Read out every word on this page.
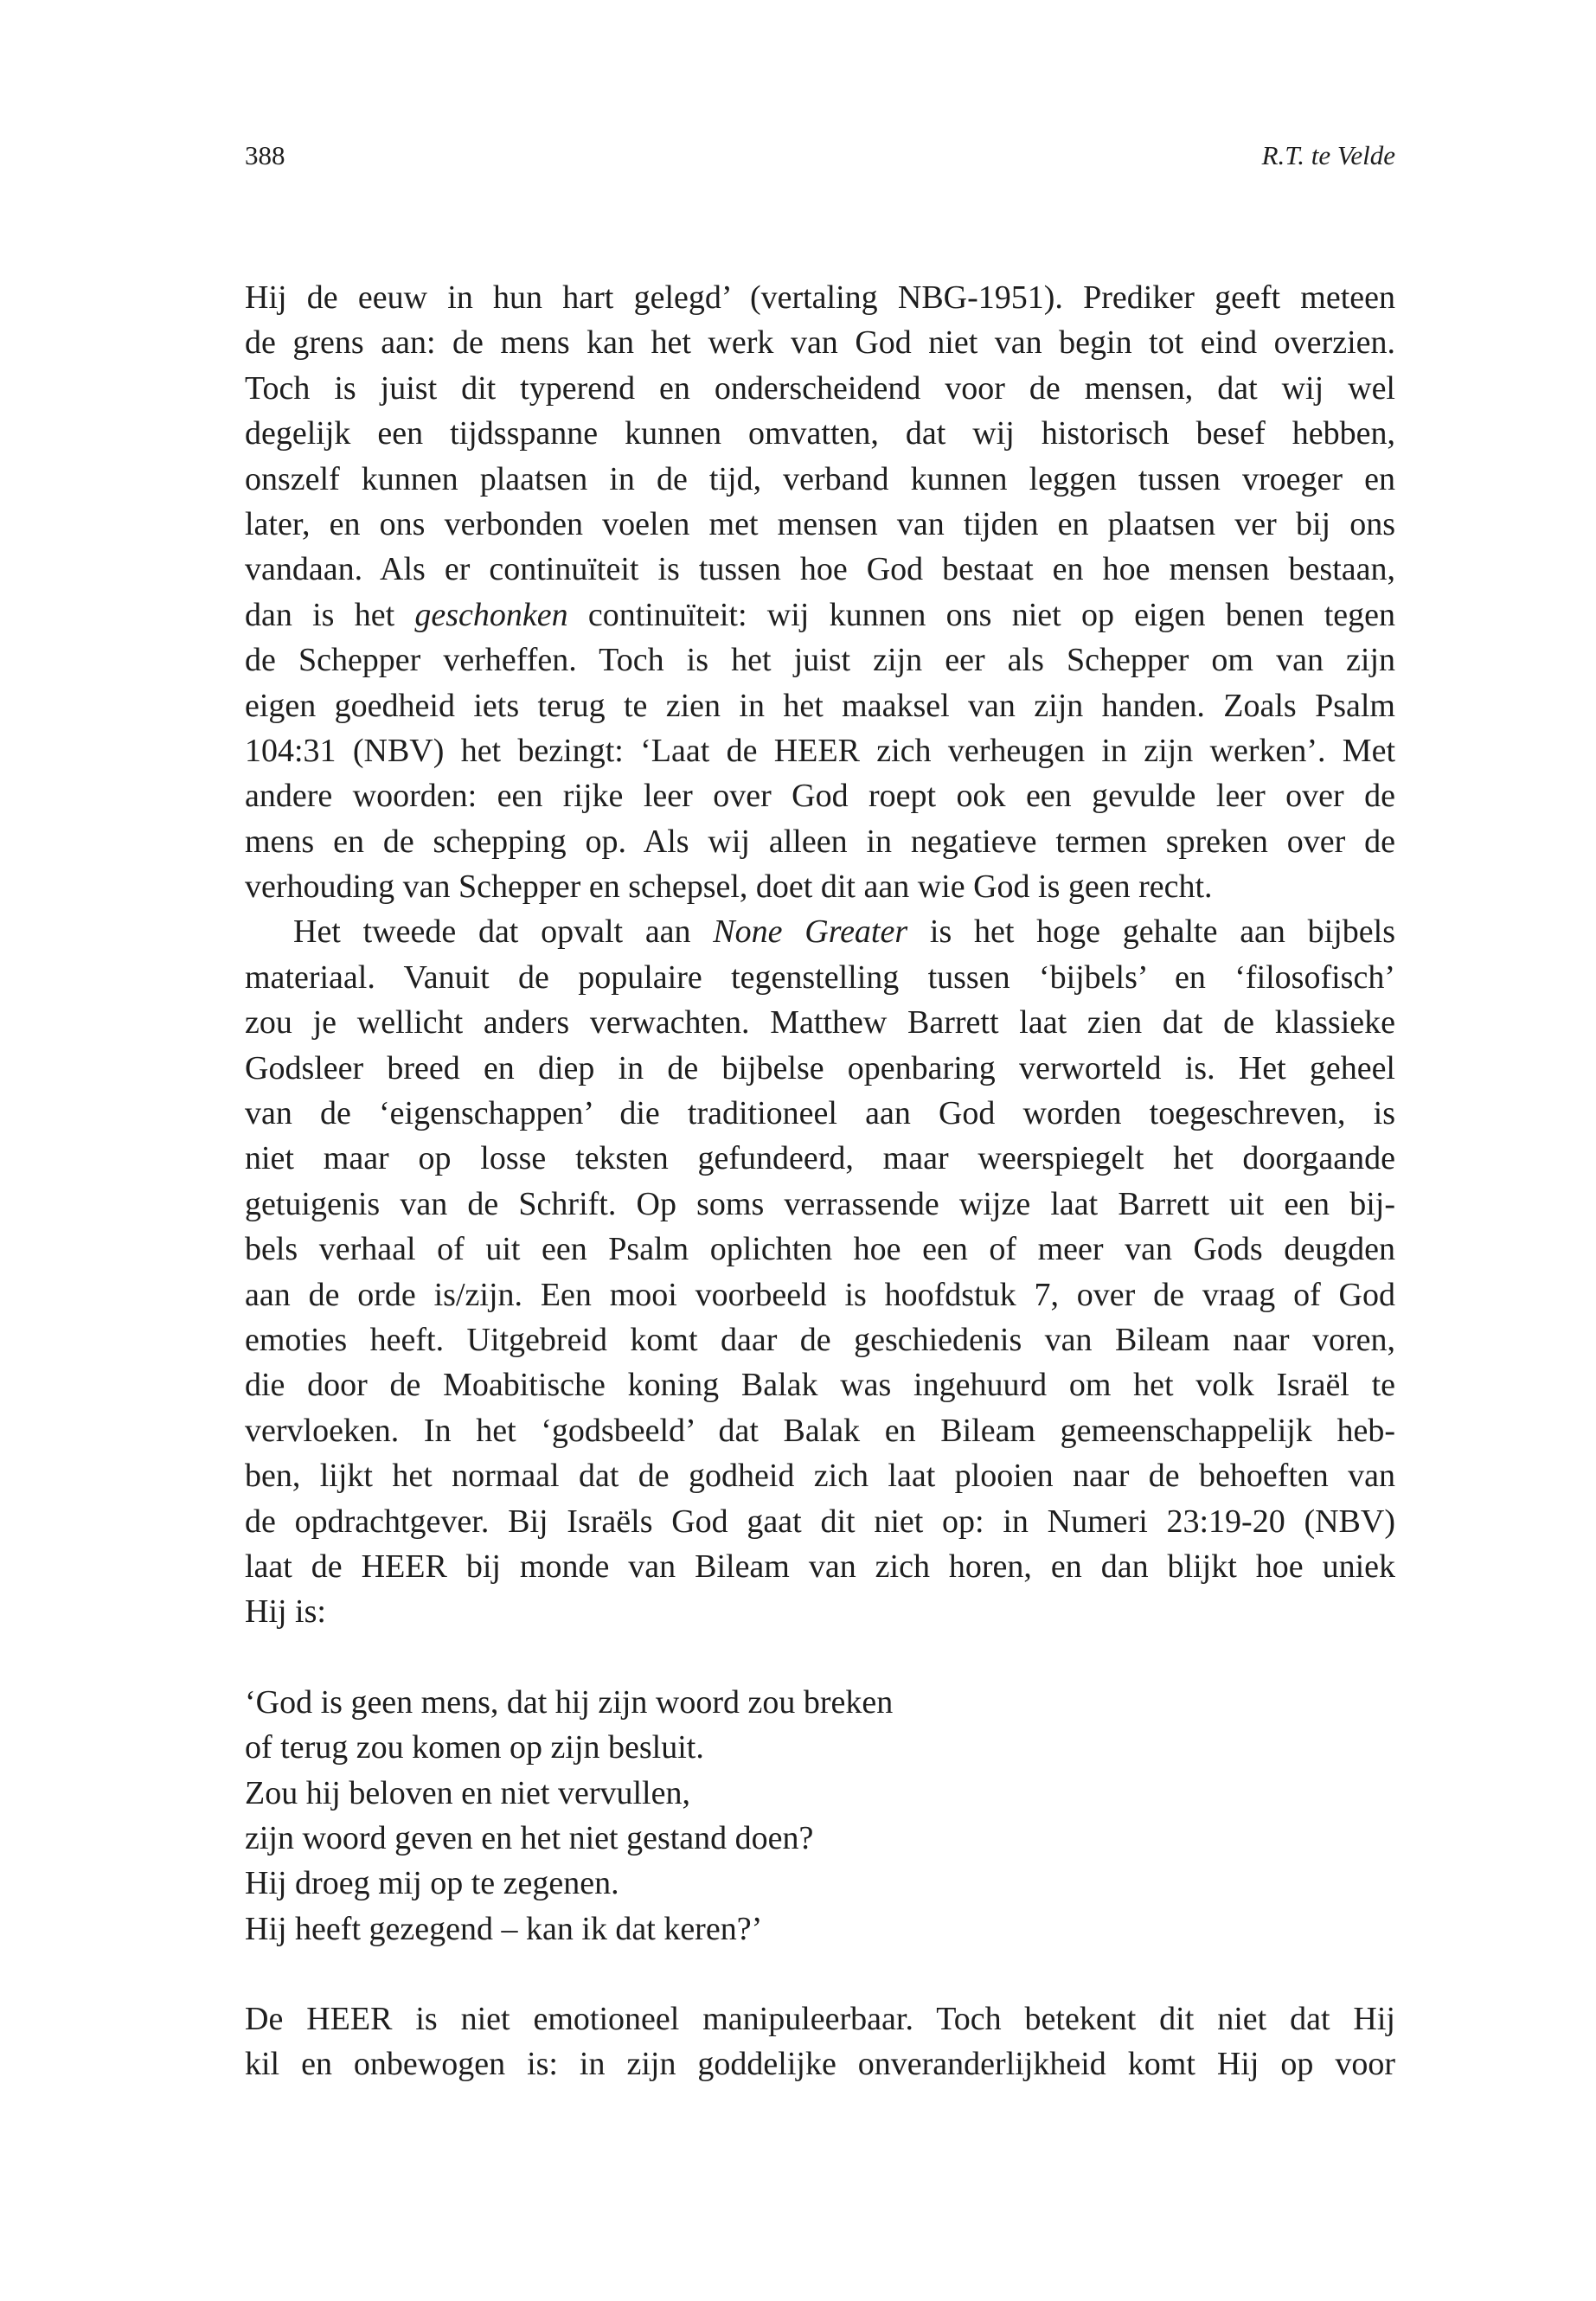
388	R.T. te Velde
Hij de eeuw in hun hart gelegd’ (vertaling NBG-1951). Prediker geeft meteen
de grens aan: de mens kan het werk van God niet van begin tot eind overzien.
Toch is juist dit typerend en onderscheidend voor de mensen, dat wij wel
degelijk een tijdsspanne kunnen omvatten, dat wij historisch besef hebben,
onszelf kunnen plaatsen in de tijd, verband kunnen leggen tussen vroeger en
later, en ons verbonden voelen met mensen van tijden en plaatsen ver bij ons
vandaan. Als er continuïteit is tussen hoe God bestaat en hoe mensen bestaan,
dan is het geschonken continuïteit: wij kunnen ons niet op eigen benen tegen
de Schepper verheffen. Toch is het juist zijn eer als Schepper om van zijn
eigen goedheid iets terug te zien in het maaksel van zijn handen. Zoals Psalm
104:31 (NBV) het bezingt: ‘Laat de HEER zich verheugen in zijn werken’. Met
andere woorden: een rijke leer over God roept ook een gevulde leer over de
mens en de schepping op. Als wij alleen in negatieve termen spreken over de
verhouding van Schepper en schepsel, doet dit aan wie God is geen recht.
Het tweede dat opvalt aan None Greater is het hoge gehalte aan bijbels
materiaal. Vanuit de populaire tegenstelling tussen ‘bijbels’ en ‘filosofisch’
zou je wellicht anders verwachten. Matthew Barrett laat zien dat de klassieke
Godsleer breed en diep in de bijbelse openbaring verworteld is. Het geheel
van de ‘eigenschappen’ die traditioneel aan God worden toegeschreven, is
niet maar op losse teksten gefundeerd, maar weerspiegelt het doorgaande
getuigenis van de Schrift. Op soms verrassende wijze laat Barrett uit een bij-
bels verhaal of uit een Psalm oplichten hoe een of meer van Gods deugden
aan de orde is/zijn. Een mooi voorbeeld is hoofdstuk 7, over de vraag of God
emoties heeft. Uitgebreid komt daar de geschiedenis van Bileam naar voren,
die door de Moabitische koning Balak was ingehuurd om het volk Israël te
vervloeken. In het ‘godsbeeld’ dat Balak en Bileam gemeenschappelijk heb-
ben, lijkt het normaal dat de godheid zich laat plooien naar de behoeften van
de opdrachtgever. Bij Israëls God gaat dit niet op: in Numeri 23:19-20 (NBV)
laat de HEER bij monde van Bileam van zich horen, en dan blijkt hoe uniek
Hij is:
‘God is geen mens, dat hij zijn woord zou breken
of terug zou komen op zijn besluit.
Zou hij beloven en niet vervullen,
zijn woord geven en het niet gestand doen?
Hij droeg mij op te zegenen.
Hij heeft gezegend – kan ik dat keren?’
De HEER is niet emotioneel manipuleerbaar. Toch betekent dit niet dat Hij
kil en onbewogen is: in zijn goddelijke onveranderlijkheid komt Hij op voor
